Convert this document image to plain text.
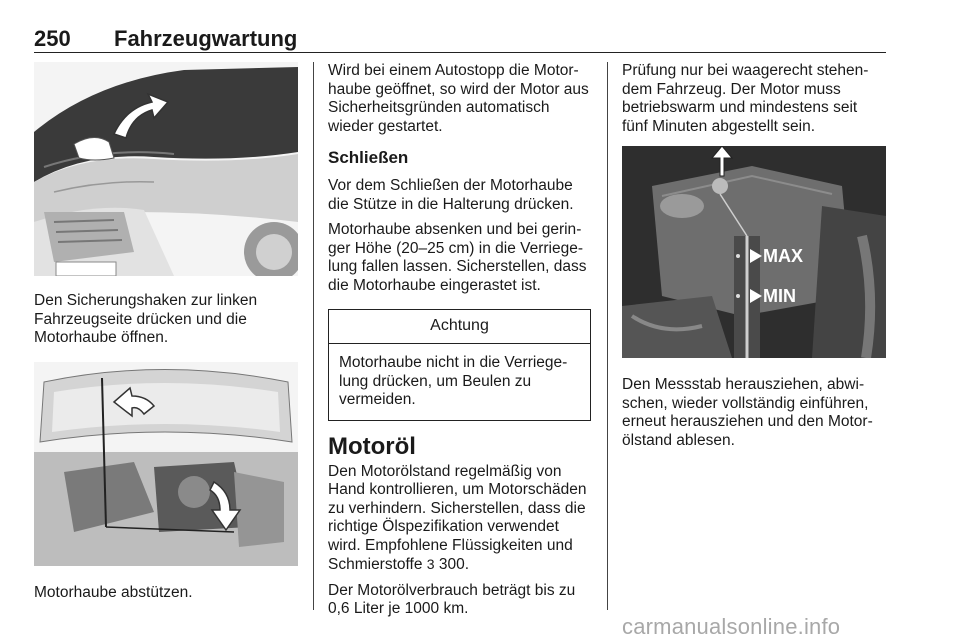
250 Fahrzeugwartung

Den Sicherungshaken zur linken Fahrzeugseite drücken und die Motorhaube öffnen.

Motorhaube abstützen.

Wird bei einem Autostopp die Motorhaube geöffnet, so wird der Motor aus Sicherheitsgründen automatisch wieder gestartet.

Schließen

Vor dem Schließen der Motorhaube die Stütze in die Halterung drücken.

Motorhaube absenken und bei geringer Höhe (20–25 cm) in die Verriegelung fallen lassen. Sicherstellen, dass die Motorhaube eingerastet ist.

Achtung
Motorhaube nicht in die Verriegelung drücken, um Beulen zu vermeiden.
Motoröl

Den Motorölstand regelmäßig von Hand kontrollieren, um Motorschäden zu verhindern. Sicherstellen, dass die richtige Ölspezifikation verwendet wird. Empfohlene Flüssigkeiten und Schmierstoffe 3 300.

Der Motorölverbrauch beträgt bis zu 0,6 Liter je 1000 km.

Prüfung nur bei waagerecht stehendem Fahrzeug. Der Motor muss betriebswarm und mindestens seit fünf Minuten abgestellt sein.

MAX
MIN

Den Messstab herausziehen, abwischen, wieder vollständig einführen, erneut herausziehen und den Motorölstand ablesen.

carmanualsonline.info
